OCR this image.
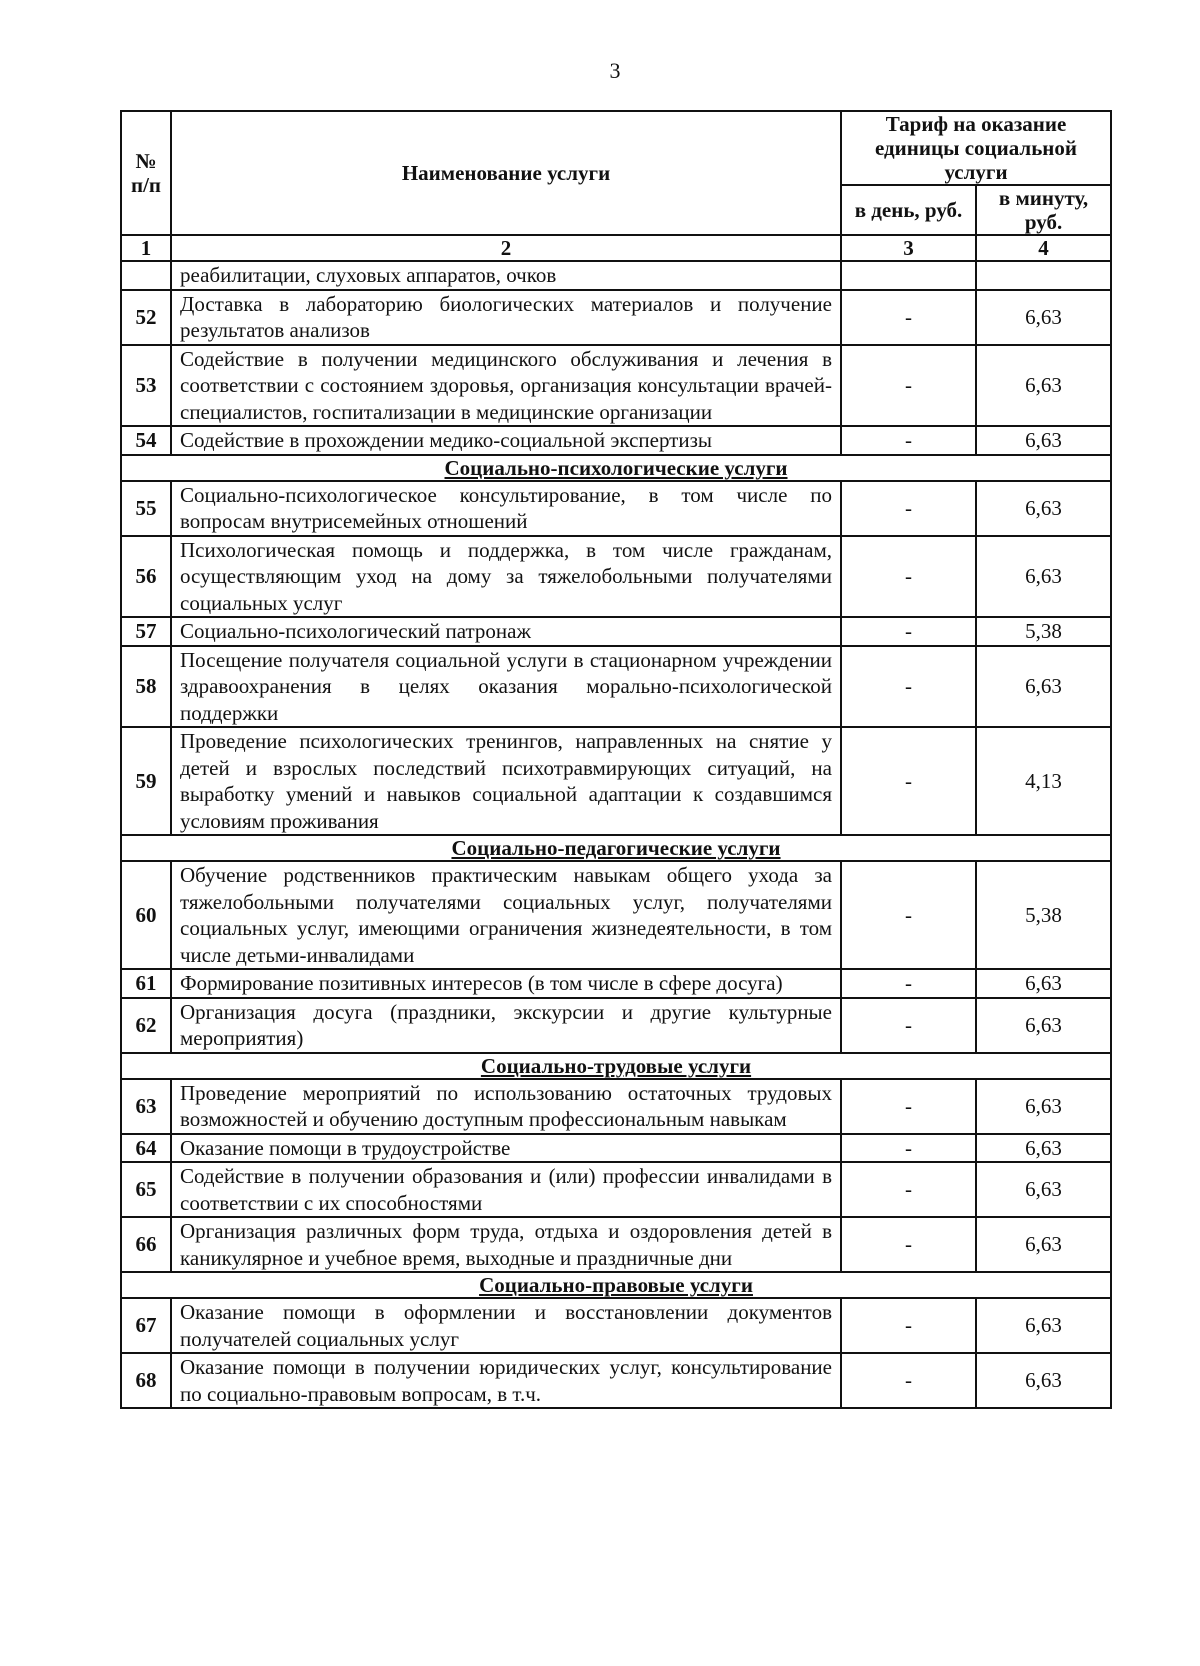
3
№ п/п	Наименование услуги	Тариф на оказание единицы социальной услуги	
		в день, руб.	в минуту, руб.
1	2	3	4
	реабилитации, слуховых аппаратов, очков		
52	Доставка в лабораторию биологических материалов и получение результатов анализов	-	6,63
53	Содействие в получении медицинского обслуживания и лечения в соответствии с состоянием здоровья, организация консультации врачей-специалистов, госпитализации в медицинские организации	-	6,63
54	Содействие в прохождении медико-социальной экспертизы	-	6,63
Социально-психологические услуги			
55	Социально-психологическое консультирование, в том числе по вопросам внутрисемейных отношений	-	6,63
56	Психологическая помощь и поддержка, в том числе гражданам, осуществляющим уход на дому за тяжелобольными получателями социальных услуг	-	6,63
57	Социально-психологический патронаж	-	5,38
58	Посещение получателя социальной услуги в стационарном учреждении здравоохранения в целях оказания морально-психологической поддержки	-	6,63
59	Проведение психологических тренингов, направленных на снятие у детей и взрослых последствий психотравмирующих ситуаций, на выработку умений и навыков социальной адаптации к создавшимся условиям проживания	-	4,13
Социально-педагогические услуги			
60	Обучение родственников практическим навыкам общего ухода за тяжелобольными получателями социальных услуг, получателями социальных услуг, имеющими ограничения жизнедеятельности, в том числе детьми-инвалидами	-	5,38
61	Формирование позитивных интересов (в том числе в сфере досуга)	-	6,63
62	Организация досуга (праздники, экскурсии и другие культурные мероприятия)	-	6,63
Социально-трудовые услуги			
63	Проведение мероприятий по использованию остаточных трудовых возможностей и обучению доступным профессиональным навыкам	-	6,63
64	Оказание помощи в трудоустройстве	-	6,63
65	Содействие в получении образования и (или) профессии инвалидами в соответствии с их способностями	-	6,63
66	Организация различных форм труда, отдыха и оздоровления детей в каникулярное и учебное время, выходные и праздничные дни	-	6,63
Социально-правовые услуги			
67	Оказание помощи в оформлении и восстановлении документов получателей социальных услуг	-	6,63
68	Оказание помощи в получении юридических услуг, консультирование по социально-правовым вопросам, в т.ч.	-	6,63
